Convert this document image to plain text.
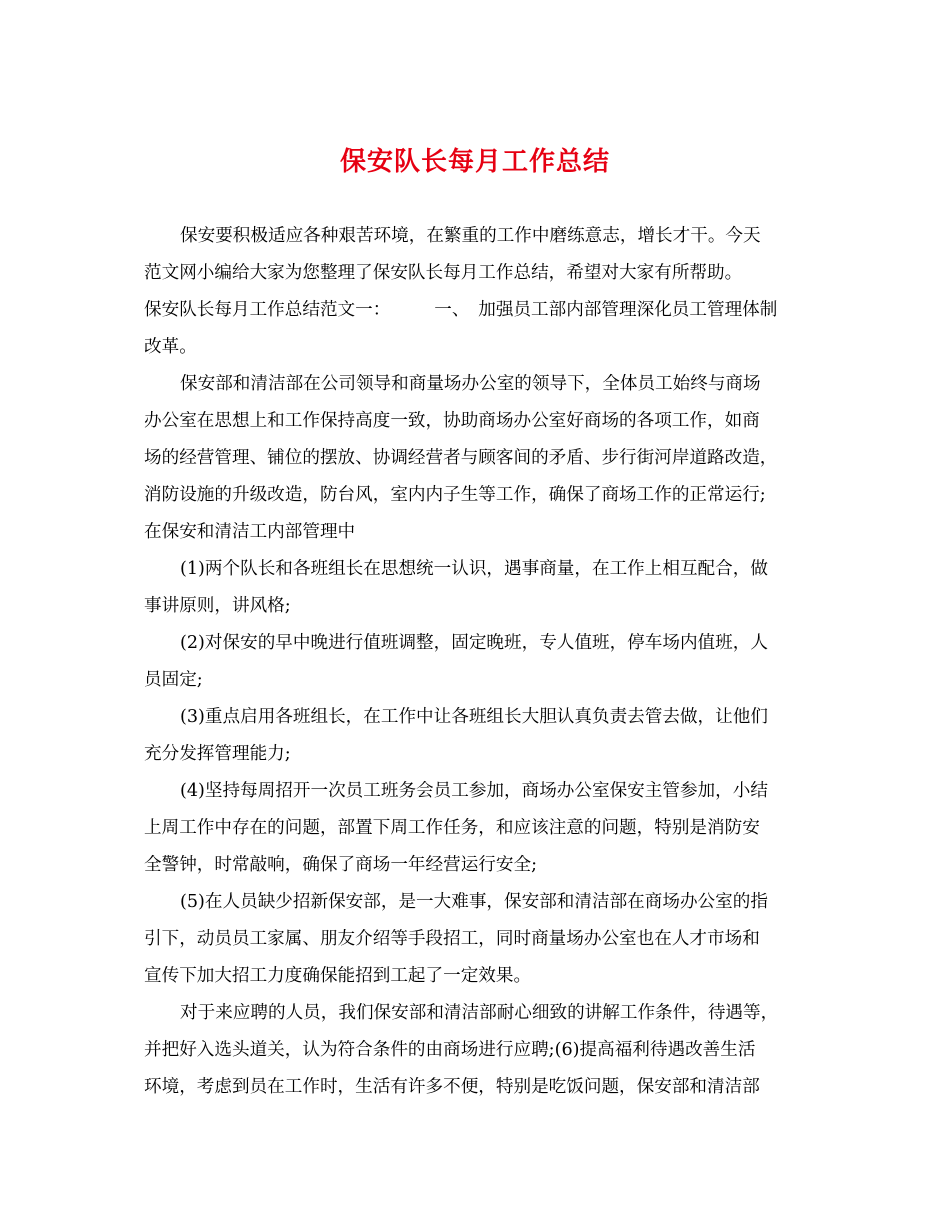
保安队长每月工作总结
保安要积极适应各种艰苦环境，在繁重的工作中磨练意志，增长才干。今天
范文网小编给大家为您整理了保安队长每月工作总结，希望对大家有所帮助。
保安队长每月工作总结范文一：　　　一、　加强员工部内部管理深化员工管理体制
改革。
保安部和清洁部在公司领导和商量场办公室的领导下，全体员工始终与商场
办公室在思想上和工作保持高度一致，协助商场办公室好商场的各项工作，如商
场的经营管理、铺位的摆放、协调经营者与顾客间的矛盾、步行街河岸道路改造，
消防设施的升级改造，防台风，室内内子生等工作，确保了商场工作的正常运行;
在保安和清洁工内部管理中
(1)两个队长和各班组长在思想统一认识，遇事商量，在工作上相互配合，做
事讲原则，讲风格;
(2)对保安的早中晚进行值班调整，固定晚班，专人值班，停车场内值班，人
员固定;
(3)重点启用各班组长，在工作中让各班组长大胆认真负责去管去做，让他们
充分发挥管理能力;
(4)坚持每周招开一次员工班务会员工参加，商场办公室保安主管参加，小结
上周工作中存在的问题，部置下周工作任务，和应该注意的问题，特别是消防安
全警钟，时常敲响，确保了商场一年经营运行安全;
(5)在人员缺少招新保安部，是一大难事，保安部和清洁部在商场办公室的指
引下，动员员工家属、朋友介绍等手段招工，同时商量场办公室也在人才市场和
宣传下加大招工力度确保能招到工起了一定效果。
对于来应聘的人员，我们保安部和清洁部耐心细致的讲解工作条件，待遇等，
并把好入选头道关，认为符合条件的由商场进行应聘;(6)提高福利待遇改善生活
环境，考虑到员在工作时，生活有许多不便，特别是吃饭问题，保安部和清洁部
